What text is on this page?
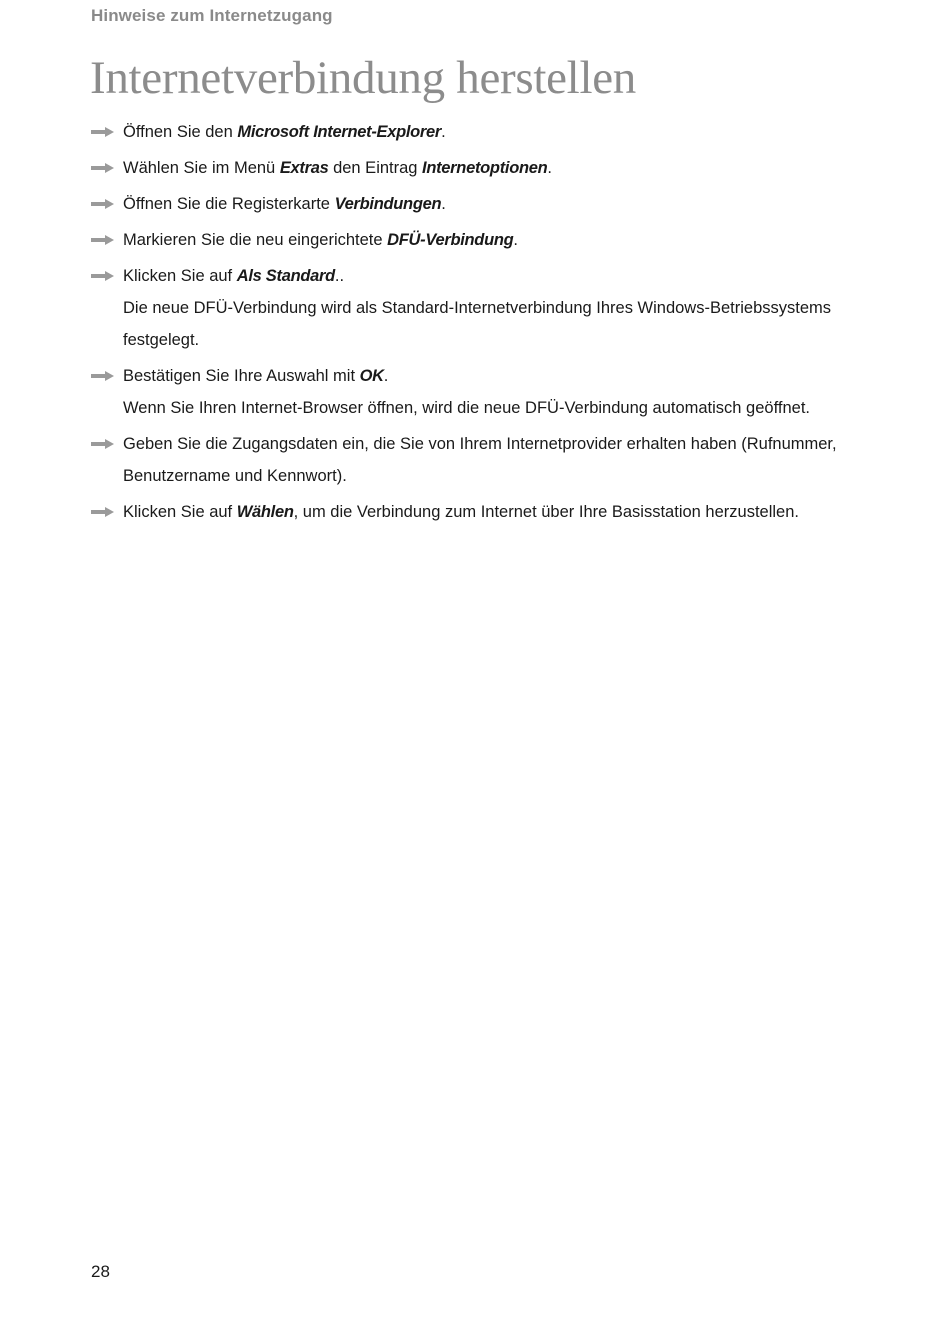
Hinweise zum Internetzugang
Internetverbindung herstellen
Öffnen Sie den Microsoft Internet-Explorer.
Wählen Sie im Menü Extras den Eintrag Internetoptionen.
Öffnen Sie die Registerkarte Verbindungen.
Markieren Sie die neu eingerichtete DFÜ-Verbindung.
Klicken Sie auf Als Standard..
Die neue DFÜ-Verbindung wird als Standard-Internetverbindung Ihres Windows-Betriebssystems festgelegt.
Bestätigen Sie Ihre Auswahl mit OK.
Wenn Sie Ihren Internet-Browser öffnen, wird die neue DFÜ-Verbindung automatisch geöffnet.
Geben Sie die Zugangsdaten ein, die Sie von Ihrem Internetprovider erhalten haben (Rufnummer, Benutzername und Kennwort).
Klicken Sie auf Wählen, um die Verbindung zum Internet über Ihre Basisstation herzustellen.
28
